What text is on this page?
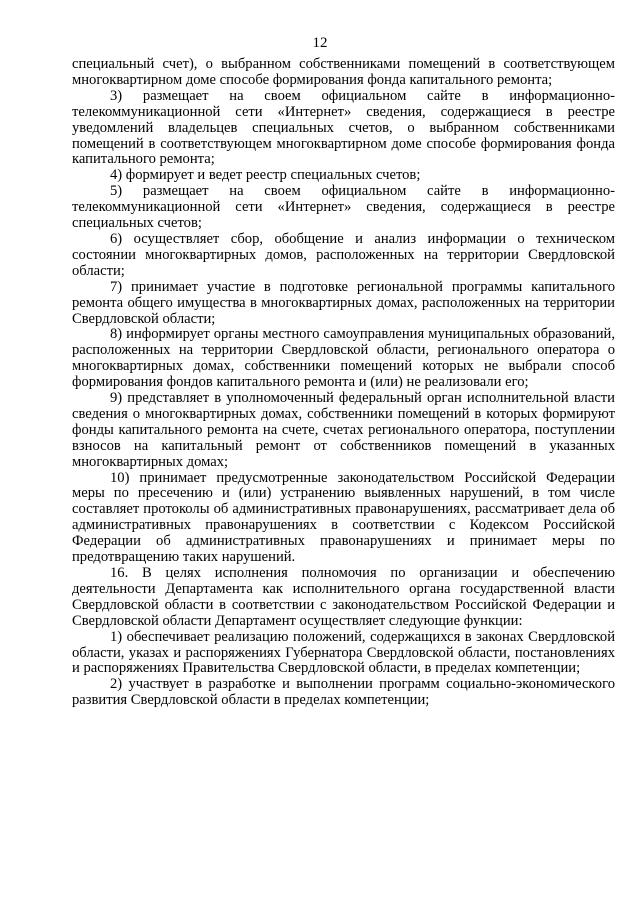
12

специальный счет), о выбранном собственниками помещений в соответствующем многоквартирном доме способе формирования фонда капитального ремонта;

3) размещает на своем официальном сайте в информационно-телекоммуникационной сети «Интернет» сведения, содержащиеся в реестре уведомлений владельцев специальных счетов, о выбранном собственниками помещений в соответствующем многоквартирном доме способе формирования фонда капитального ремонта;

4) формирует и ведет реестр специальных счетов;

5) размещает на своем официальном сайте в информационно-телекоммуникационной сети «Интернет» сведения, содержащиеся в реестре специальных счетов;

6) осуществляет сбор, обобщение и анализ информации о техническом состоянии многоквартирных домов, расположенных на территории Свердловской области;

7) принимает участие в подготовке региональной программы капитального ремонта общего имущества в многоквартирных домах, расположенных на территории Свердловской области;

8) информирует органы местного самоуправления муниципальных образований, расположенных на территории Свердловской области, регионального оператора о многоквартирных домах, собственники помещений которых не выбрали способ формирования фондов капитального ремонта и (или) не реализовали его;

9) представляет в уполномоченный федеральный орган исполнительной власти сведения о многоквартирных домах, собственники помещений в которых формируют фонды капитального ремонта на счете, счетах регионального оператора, поступлении взносов на капитальный ремонт от собственников помещений в указанных многоквартирных домах;

10) принимает предусмотренные законодательством Российской Федерации меры по пресечению и (или) устранению выявленных нарушений, в том числе составляет протоколы об административных правонарушениях, рассматривает дела об административных правонарушениях в соответствии с Кодексом Российской Федерации об административных правонарушениях и принимает меры по предотвращению таких нарушений.

16. В целях исполнения полномочия по организации и обеспечению деятельности Департамента как исполнительного органа государственной власти Свердловской области в соответствии с законодательством Российской Федерации и Свердловской области Департамент осуществляет следующие функции:

1) обеспечивает реализацию положений, содержащихся в законах Свердловской области, указах и распоряжениях Губернатора Свердловской области, постановлениях и распоряжениях Правительства Свердловской области, в пределах компетенции;

2) участвует в разработке и выполнении программ социально-экономического развития Свердловской области в пределах компетенции;
